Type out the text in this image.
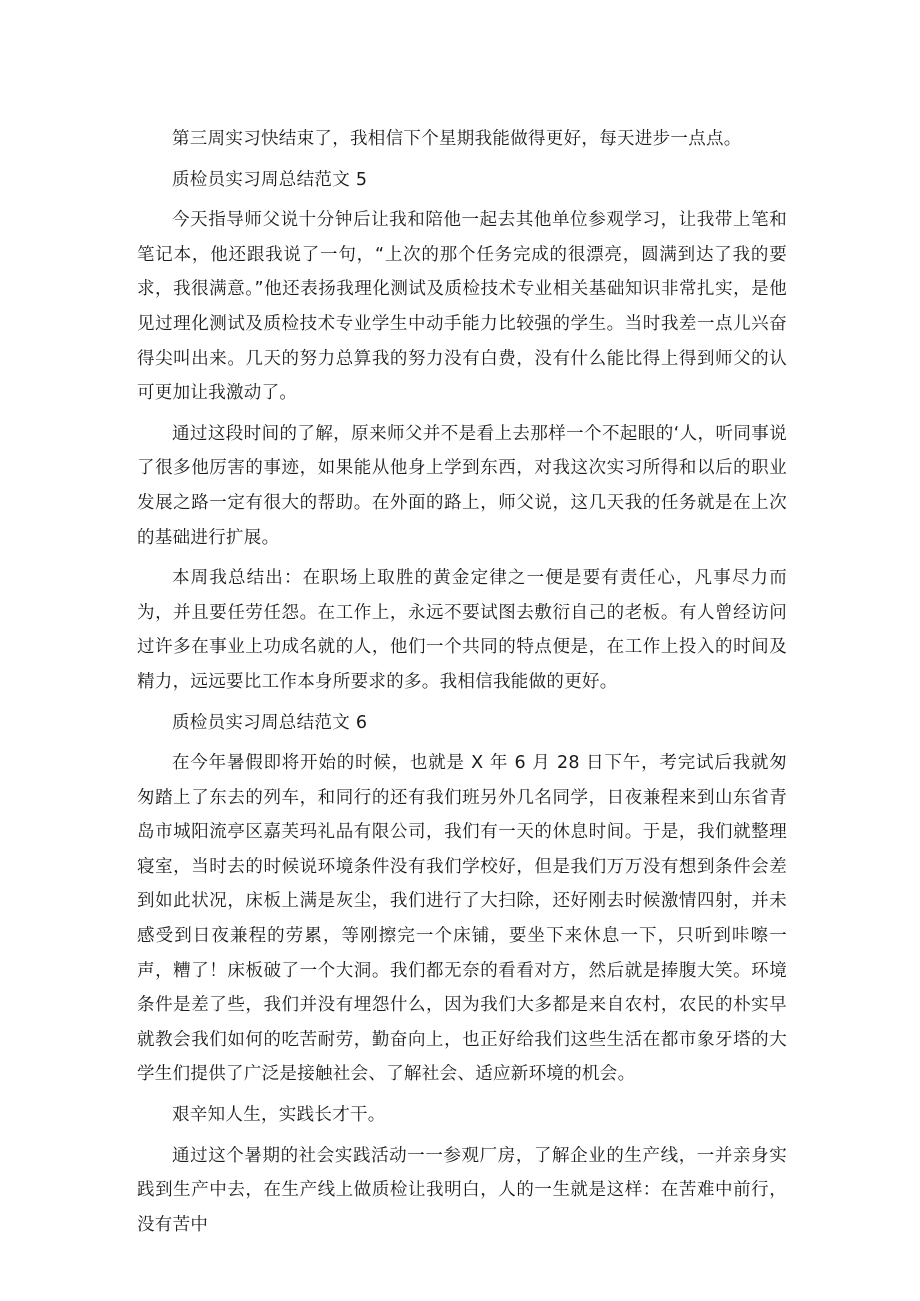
第三周实习快结束了，我相信下个星期我能做得更好，每天进步一点点。

质检员实习周总结范文 5

今天指导师父说十分钟后让我和陪他一起去其他单位参观学习，让我带上笔和笔记本，他还跟我说了一句，“上次的那个任务完成的很漂亮，圆满到达了我的要求，我很满意。”他还表扬我理化测试及质检技术专业相关基础知识非常扎实，是他见过理化测试及质检技术专业学生中动手能力比较强的学生。当时我差一点儿兴奋得尖叫出来。几天的努力总算我的努力没有白费，没有什么能比得上得到师父的认可更加让我激动了。

通过这段时间的了解，原来师父并不是看上去那样一个不起眼的‘人，听同事说了很多他厉害的事迹，如果能从他身上学到东西，对我这次实习所得和以后的职业发展之路一定有很大的帮助。在外面的路上，师父说，这几天我的任务就是在上次的基础进行扩展。

本周我总结出：在职场上取胜的黄金定律之一便是要有责任心，凡事尽力而为，并且要任劳任怨。在工作上，永远不要试图去敷衍自己的老板。有人曾经访问过许多在事业上功成名就的人，他们一个共同的特点便是，在工作上投入的时间及精力，远远要比工作本身所要求的多。我相信我能做的更好。

质检员实习周总结范文 6

在今年暑假即将开始的时候，也就是 X 年 6 月 28 日下午，考完试后我就匆匆踏上了东去的列车，和同行的还有我们班另外几名同学，日夜兼程来到山东省青岛市城阳流亭区嘉芙玛礼品有限公司，我们有一天的休息时间。于是，我们就整理寝室，当时去的时候说环境条件没有我们学校好，但是我们万万没有想到条件会差到如此状况，床板上满是灰尘，我们进行了大扫除，还好刚去时候激情四射，并未感受到日夜兼程的劳累，等刚擦完一个床铺，要坐下来休息一下，只听到咔嚓一声，糟了！床板破了一个大洞。我们都无奈的看看对方，然后就是捧腹大笑。环境条件是差了些，我们并没有埋怨什么，因为我们大多都是来自农村，农民的朴实早就教会我们如何的吃苦耐劳，勤奋向上，也正好给我们这些生活在都市象牙塔的大学生们提供了广泛是接触社会、了解社会、适应新环境的机会。

艰辛知人生，实践长才干。

通过这个暑期的社会实践活动一一参观厂房，了解企业的生产线，一并亲身实践到生产中去，在生产线上做质检让我明白，人的一生就是这样：在苦难中前行，没有苦中
